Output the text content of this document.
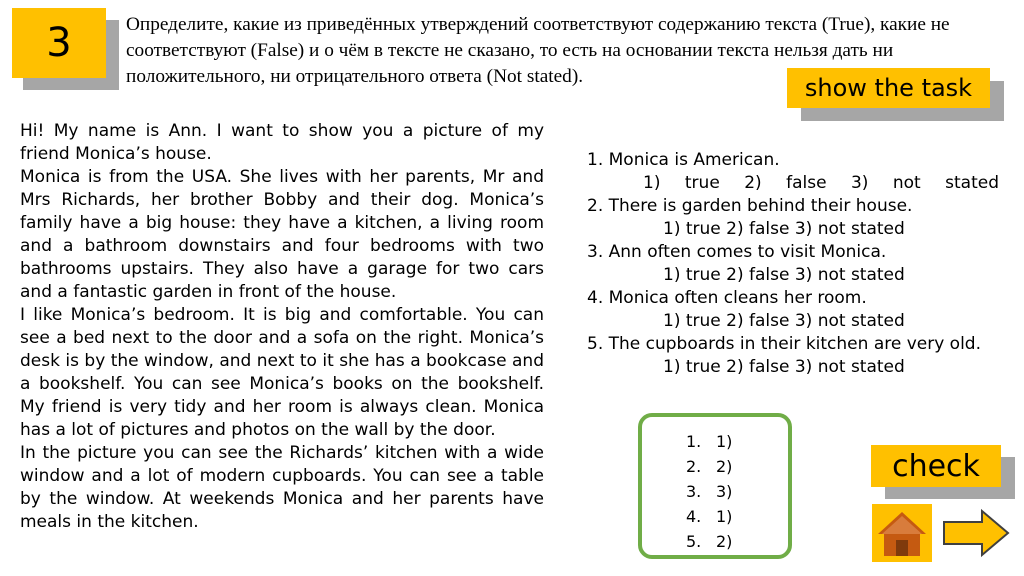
3	Определите, какие из приведённых утверждений соответствуют содержанию текста (True), какие не соответствуют (False) и о чём в тексте не сказано, то есть на основании текста нельзя дать ни положительного, ни отрицательного ответа (Not stated).	show the task

Hi! My name is Ann. I want to show you a picture of my friend Monica’s house.

Monica is from the USA. She lives with her parents, Mr and Mrs Richards, her brother Bobby and their dog. Monica’s family have a big house: they have a kitchen, a living room and a bathroom downstairs and four bedrooms with two bathrooms upstairs. They also have a garage for two cars and a fantastic garden in front of the house.

I like Monica’s bedroom. It is big and comfortable. You can see a bed next to the door and a sofa on the right. Monica’s desk is by the window, and next to it she has a bookcase and a bookshelf. You can see Monica’s books on the bookshelf. My friend is very tidy and her room is always clean. Monica has a lot of pictures and photos on the wall by the door.

In the picture you can see the Richards’ kitchen with a wide window and a lot of modern cupboards. You can see a table by the window. At weekends Monica and her parents have meals in the kitchen.

1. Monica is American.

1) true 2) false 3) not stated

2. There is garden behind their house.

1) true 2) false 3) not stated

3. Ann often comes to visit Monica.

1) true 2) false 3) not stated

4. Monica often cleans her room.

1) true 2) false 3) not stated

5. The cupboards in their kitchen are very old.

1) true 2) false 3) not stated

1. 1)
2. 2)
3. 3)
4. 1)
5. 2)
check
